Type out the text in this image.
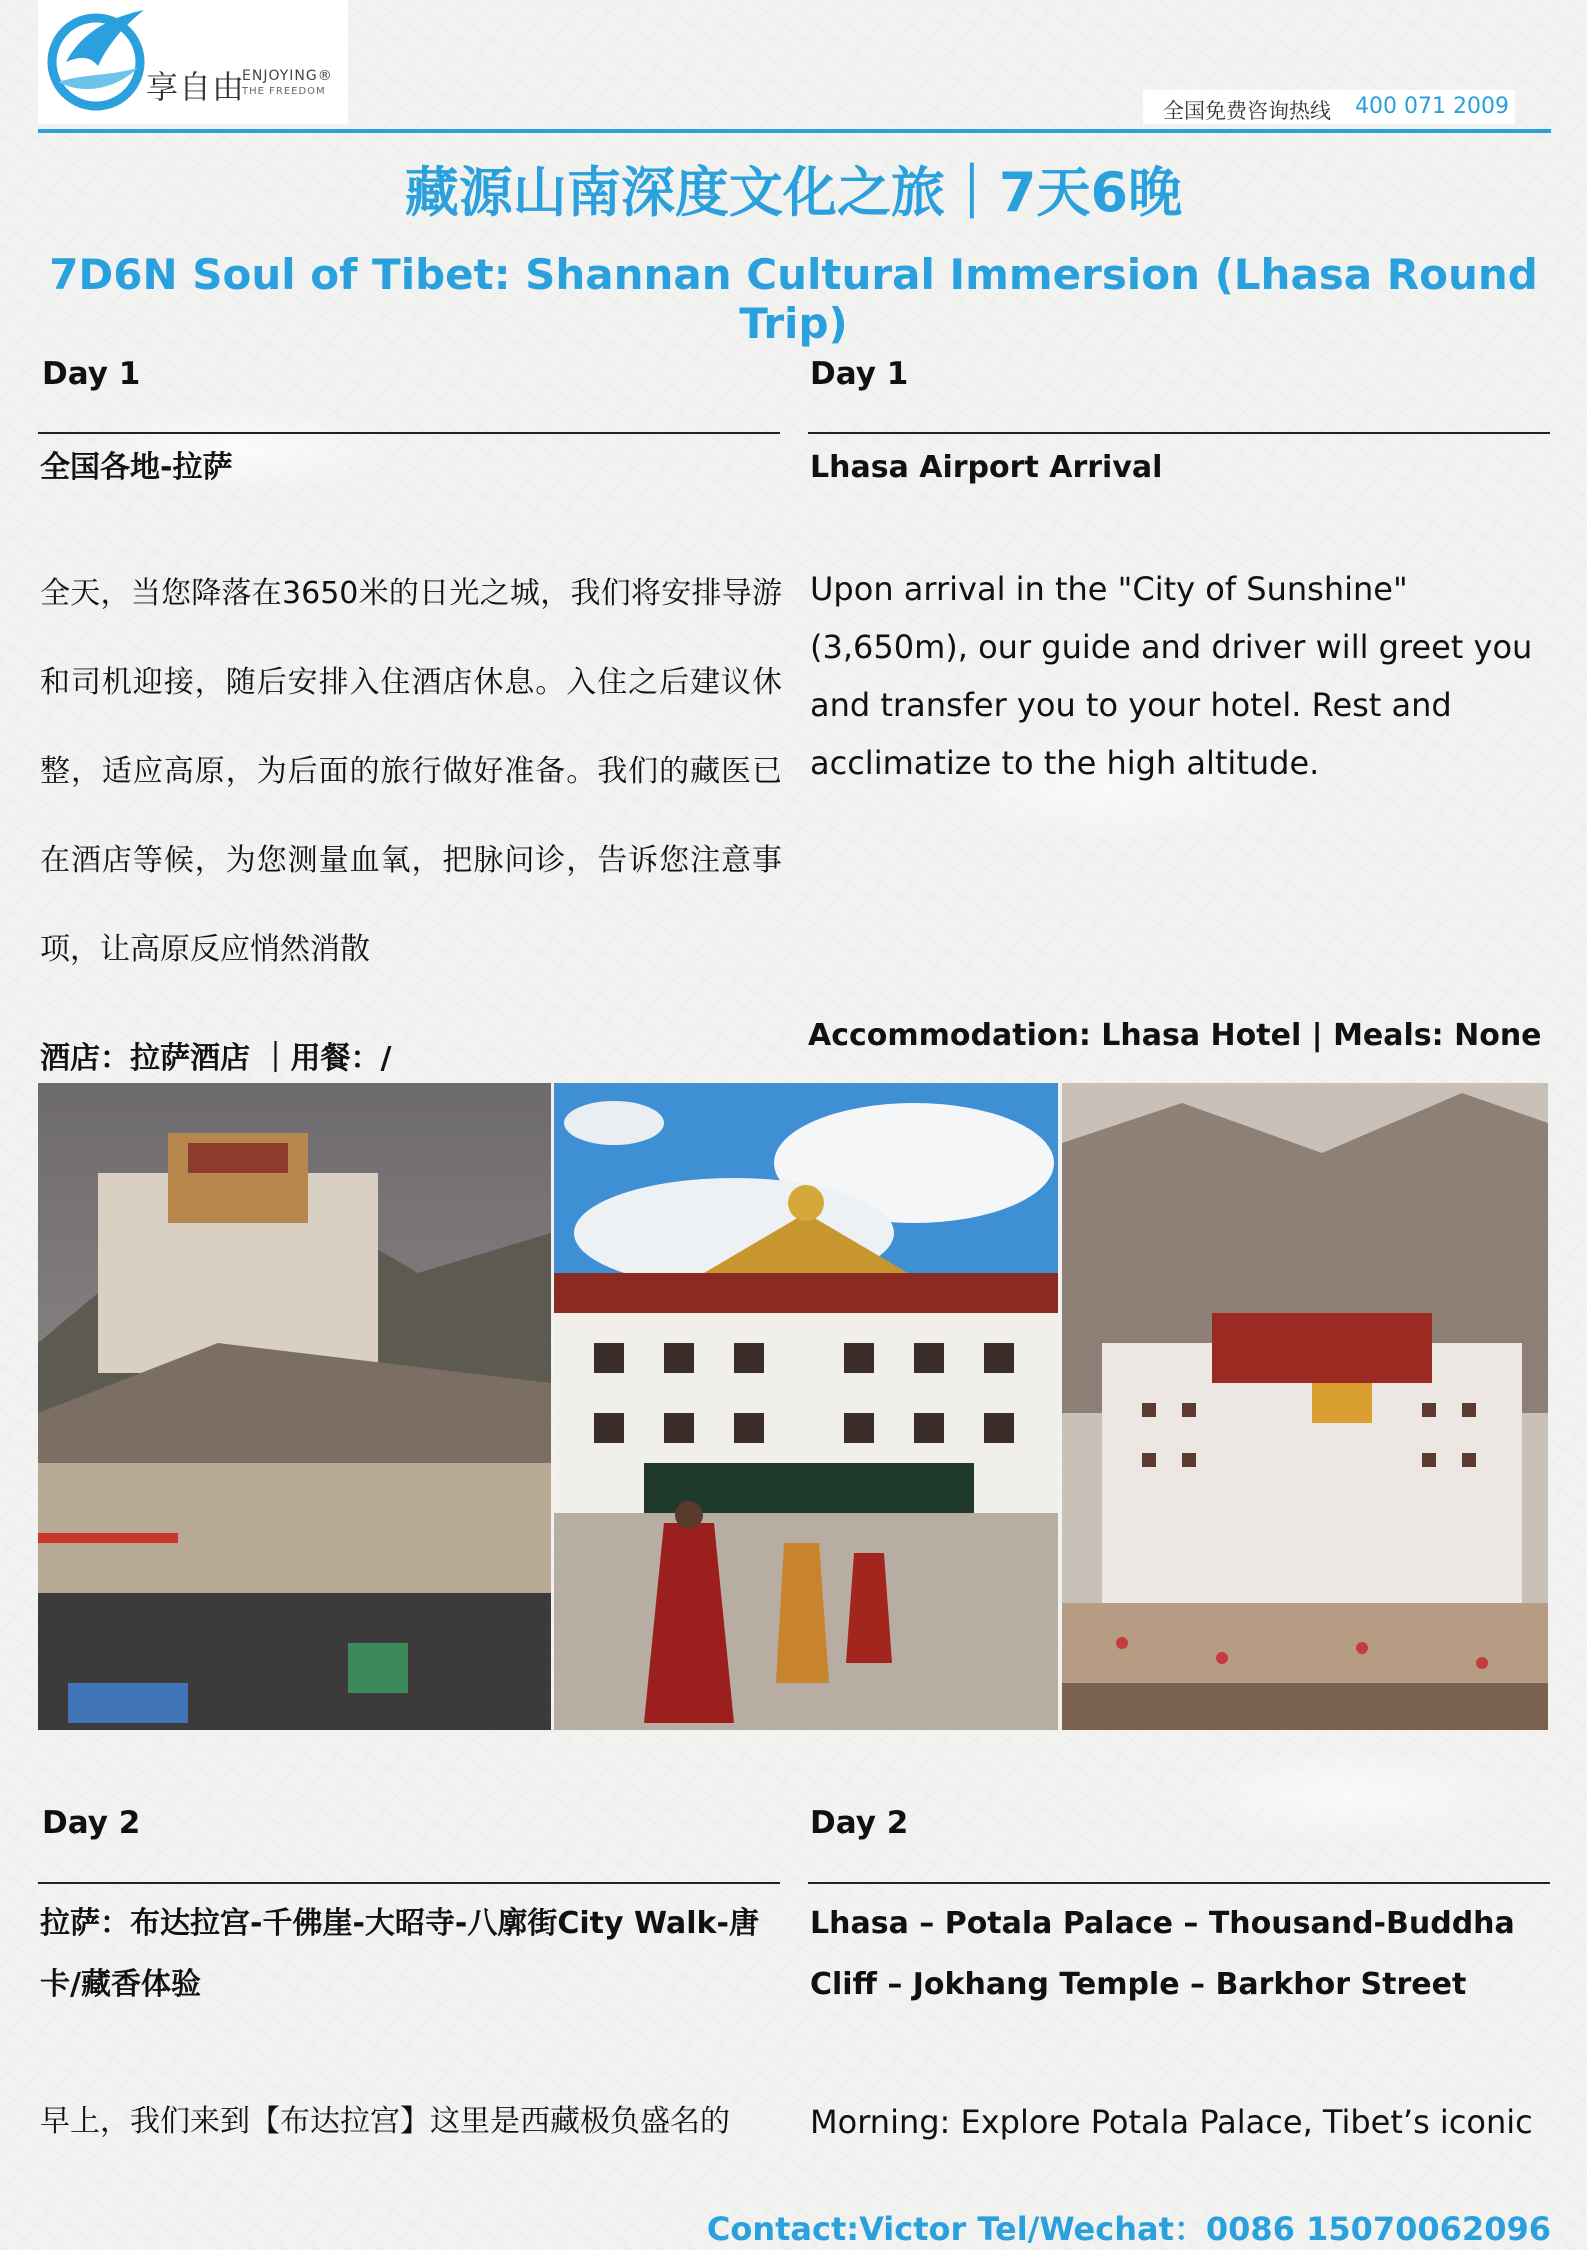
享自由
ENJOYING®
THE FREEDOM
全国免费咨询热线 400 071 2009
藏源山南深度文化之旅｜7天6晚
7D6N Soul of Tibet: Shannan Cultural Immersion (Lhasa Round Trip)
Day 1
全国各地-拉萨
全天，当您降落在3650米的日光之城，我们将安排导游和司机迎接，随后安排入住酒店休息。入住之后建议休整，适应高原，为后面的旅行做好准备。我们的藏医已在酒店等候，为您测量血氧，把脉问诊，告诉您注意事项，让高原反应悄然消散
酒店：拉萨酒店 ｜用餐：/
Day 1
Lhasa Airport Arrival
Upon arrival in the "City of Sunshine" (3,650m), our guide and driver will greet you and transfer you to your hotel. Rest and acclimatize to the high altitude.
Accommodation: Lhasa Hotel | Meals: None
Day 2
拉萨：布达拉宫-千佛崖-大昭寺-八廓街City Walk-唐卡/藏香体验
早上，我们来到【布达拉宫】这里是西藏极负盛名的
Day 2
Lhasa – Potala Palace – Thousand-Buddha Cliff – Jokhang Temple – Barkhor Street
Morning: Explore Potala Palace, Tibet’s iconic
Contact:Victor Tel/Wechat：0086 15070062096
